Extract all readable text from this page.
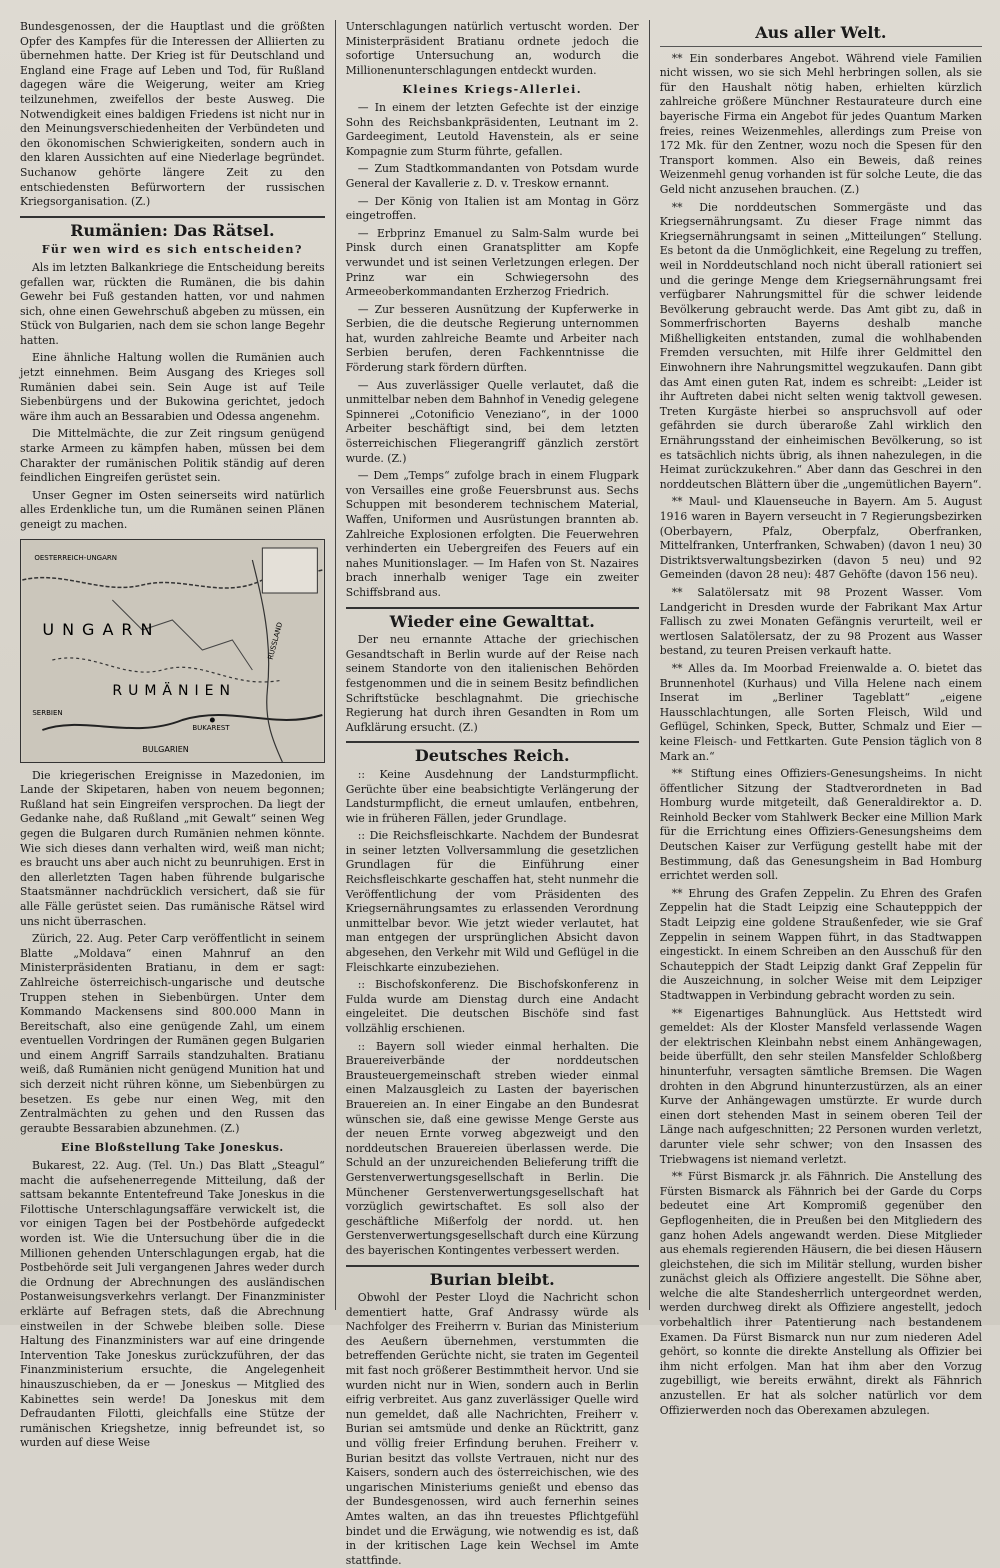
Bundesgenossen, der die Hauptlast und die größten Opfer des Kampfes für die Interessen der Alliierten zu übernehmen hatte. Der Krieg ist für Deutschland und England eine Frage auf Leben und Tod, für Rußland dagegen wäre die Weigerung, weiter am Krieg teilzunehmen, zweifellos der beste Ausweg. Die Notwendigkeit eines baldigen Friedens ist nicht nur in den Meinungsverschiedenheiten der Verbündeten und den ökonomischen Schwierigkeiten, sondern auch in den klaren Aussichten auf eine Niederlage begründet. Suchanow gehörte längere Zeit zu den entschiedensten Befürwortern der russischen Kriegsorganisation. (Z.)

Rumänien: Das Rätsel.
Für wen wird es sich entscheiden?

Als im letzten Balkankriege die Entscheidung bereits gefallen war, rückten die Rumänen, die bis dahin Gewehr bei Fuß gestanden hatten, vor und nahmen sich, ohne einen Gewehrschuß abgeben zu müssen, ein Stück von Bulgarien, nach dem sie schon lange Begehr hatten.

Eine ähnliche Haltung wollen die Rumänien auch jetzt einnehmen. Beim Ausgang des Krieges soll Rumänien dabei sein. Sein Auge ist auf Teile Siebenbürgens und der Bukowina gerichtet, jedoch wäre ihm auch an Bessarabien und Odessa angenehm.

Die Mittelmächte, die zur Zeit ringsum genügend starke Armeen zu kämpfen haben, müssen bei dem Charakter der rumänischen Politik ständig auf deren feindlichen Eingreifen gerüstet sein.

Unser Gegner im Osten seinerseits wird natürlich alles Erdenkliche tun, um die Rumänen seinen Plänen geneigt zu machen.

OESTERREICH-UNGARN
UNGARN
RUMÄNIEN
BUKAREST
SERBIEN
BULGARIEN
RUSSLAND

Die kriegerischen Ereignisse in Mazedonien, im Lande der Skipetaren, haben von neuem begonnen; Rußland hat sein Eingreifen versprochen. Da liegt der Gedanke nahe, daß Rußland „mit Gewalt“ seinen Weg gegen die Bulgaren durch Rumänien nehmen könnte. Wie sich dieses dann verhalten wird, weiß man nicht; es braucht uns aber auch nicht zu beunruhigen. Erst in den allerletzten Tagen haben führende bulgarische Staatsmänner nachdrücklich versichert, daß sie für alle Fälle gerüstet seien. Das rumänische Rätsel wird uns nicht überraschen.

Zürich, 22. Aug. Peter Carp veröffentlicht in seinem Blatte „Moldava“ einen Mahnruf an den Ministerpräsidenten Bratianu, in dem er sagt: Zahlreiche österreichisch-ungarische und deutsche Truppen stehen in Siebenbürgen. Unter dem Kommando Mackensens sind 800.000 Mann in Bereitschaft, also eine genügende Zahl, um einem eventuellen Vordringen der Rumänen gegen Bulgarien und einem Angriff Sarrails standzuhalten. Bratianu weiß, daß Rumänien nicht genügend Munition hat und sich derzeit nicht rühren könne, um Siebenbürgen zu besetzen. Es gebe nur einen Weg, mit den Zentralmächten zu gehen und den Russen das geraubte Bessarabien abzunehmen. (Z.)

Eine Bloßstellung Take Joneskus.

Bukarest, 22. Aug. (Tel. Un.) Das Blatt „Steagul“ macht die aufsehenerregende Mitteilung, daß der sattsam bekannte Ententefreund Take Joneskus in die Filottische Unterschlagungsaffäre verwickelt ist, die vor einigen Tagen bei der Postbehörde aufgedeckt worden ist. Wie die Untersuchung über die in die Millionen gehenden Unterschlagungen ergab, hat die Postbehörde seit Juli vergangenen Jahres weder durch die Ordnung der Abrechnungen des ausländischen Postanweisungsverkehrs verlangt. Der Finanzminister erklärte auf Befragen stets, daß die Abrechnung einstweilen in der Schwebe bleiben solle. Diese Haltung des Finanzministers war auf eine dringende Intervention Take Joneskus zurückzuführen, der das Finanzministerium ersuchte, die Angelegenheit hinauszuschieben, da er — Joneskus — Mitglied des Kabinettes sein werde! Da Joneskus mit dem Defraudanten Filotti, gleichfalls eine Stütze der rumänischen Kriegshetze, innig befreundet ist, so wurden auf diese Weise

Unterschlagungen natürlich vertuscht worden. Der Ministerpräsident Bratianu ordnete jedoch die sofortige Untersuchung an, wodurch die Millionenunterschlagungen entdeckt wurden.

Kleines Kriegs-Allerlei.

— In einem der letzten Gefechte ist der einzige Sohn des Reichsbankpräsidenten, Leutnant im 2. Gardeegiment, Leutold Havenstein, als er seine Kompagnie zum Sturm führte, gefallen.

— Zum Stadtkommandanten von Potsdam wurde General der Kavallerie z. D. v. Treskow ernannt.

— Der König von Italien ist am Montag in Görz eingetroffen.

— Erbprinz Emanuel zu Salm-Salm wurde bei Pinsk durch einen Granatsplitter am Kopfe verwundet und ist seinen Verletzungen erlegen. Der Prinz war ein Schwiegersohn des Armeeoberkommandanten Erzherzog Friedrich.

— Zur besseren Ausnützung der Kupferwerke in Serbien, die die deutsche Regierung unternommen hat, wurden zahlreiche Beamte und Arbeiter nach Serbien berufen, deren Fachkenntnisse die Förderung stark fördern dürften.

— Aus zuverlässiger Quelle verlautet, daß die unmittelbar neben dem Bahnhof in Venedig gelegene Spinnerei „Cotonificio Veneziano“, in der 1000 Arbeiter beschäftigt sind, bei dem letzten österreichischen Fliegerangriff gänzlich zerstört wurde. (Z.)

— Dem „Temps“ zufolge brach in einem Flugpark von Versailles eine große Feuersbrunst aus. Sechs Schuppen mit besonderem technischem Material, Waffen, Uniformen und Ausrüstungen brannten ab. Zahlreiche Explosionen erfolgten. Die Feuerwehren verhinderten ein Uebergreifen des Feuers auf ein nahes Munitionslager. — Im Hafen von St. Nazaires brach innerhalb weniger Tage ein zweiter Schiffsbrand aus.

Wieder eine Gewalttat.

Der neu ernannte Attache der griechischen Gesandtschaft in Berlin wurde auf der Reise nach seinem Standorte von den italienischen Behörden festgenommen und die in seinem Besitz befindlichen Schriftstücke beschlagnahmt. Die griechische Regierung hat durch ihren Gesandten in Rom um Aufklärung ersucht. (Z.)

Deutsches Reich.

:: Keine Ausdehnung der Landsturmpflicht. Gerüchte über eine beabsichtigte Verlängerung der Landsturmpflicht, die erneut umlaufen, entbehren, wie in früheren Fällen, jeder Grundlage.

:: Die Reichsfleischkarte. Nachdem der Bundesrat in seiner letzten Vollversammlung die gesetzlichen Grundlagen für die Einführung einer Reichsfleischkarte geschaffen hat, steht nunmehr die Veröffentlichung der vom Präsidenten des Kriegsernährungsamtes zu erlassenden Verordnung unmittelbar bevor. Wie jetzt wieder verlautet, hat man entgegen der ursprünglichen Absicht davon abgesehen, den Verkehr mit Wild und Geflügel in die Fleischkarte einzubeziehen.

:: Bischofskonferenz. Die Bischofskonferenz in Fulda wurde am Dienstag durch eine Andacht eingeleitet. Die deutschen Bischöfe sind fast vollzählig erschienen.

:: Bayern soll wieder einmal herhalten. Die Brauereiverbände der norddeutschen Brausteuergemeinschaft streben wieder einmal einen Malzausgleich zu Lasten der bayerischen Brauereien an. In einer Eingabe an den Bundesrat wünschen sie, daß eine gewisse Menge Gerste aus der neuen Ernte vorweg abgezweigt und den norddeutschen Brauereien überlassen werde. Die Schuld an der unzureichenden Belieferung trifft die Gerstenverwertungsgesellschaft in Berlin. Die Münchener Gerstenverwertungsgesellschaft hat vorzüglich gewirtschaftet. Es soll also der geschäftliche Mißerfolg der nordd. ut. hen Gerstenverwertungsgesellschaft durch eine Kürzung des bayerischen Kontingentes verbessert werden.

Burian bleibt.

Obwohl der Pester Lloyd die Nachricht schon dementiert hatte, Graf Andrassy würde als Nachfolger des Freiherrn v. Burian das Ministerium des Aeußern übernehmen, verstummten die betreffenden Gerüchte nicht, sie traten im Gegenteil mit fast noch größerer Bestimmtheit hervor. Und sie wurden nicht nur in Wien, sondern auch in Berlin eifrig verbreitet. Aus ganz zuverlässiger Quelle wird nun gemeldet, daß alle Nachrichten, Freiherr v. Burian sei amtsmüde und denke an Rücktritt, ganz und völlig freier Erfindung beruhen. Freiherr v. Burian besitzt das vollste Vertrauen, nicht nur des Kaisers, sondern auch des österreichischen, wie des ungarischen Ministeriums genießt und ebenso das der Bundesgenossen, wird auch fernerhin seines Amtes walten, an das ihn treuestes Pflichtgefühl bindet und die Erwägung, wie notwendig es ist, daß in der kritischen Lage kein Wechsel im Amte stattfinde.

Aus aller Welt.

** Ein sonderbares Angebot. Während viele Familien nicht wissen, wo sie sich Mehl herbringen sollen, als sie für den Haushalt nötig haben, erhielten kürzlich zahlreiche größere Münchner Restaurateure durch eine bayerische Firma ein Angebot für jedes Quantum Marken freies, reines Weizenmehles, allerdings zum Preise von 172 Mk. für den Zentner, wozu noch die Spesen für den Transport kommen. Also ein Beweis, daß reines Weizenmehl genug vorhanden ist für solche Leute, die das Geld nicht anzusehen brauchen. (Z.)

** Die norddeutschen Sommergäste und das Kriegsernährungsamt. Zu dieser Frage nimmt das Kriegsernährungsamt in seinen „Mitteilungen“ Stellung. Es betont da die Unmöglichkeit, eine Regelung zu treffen, weil in Norddeutschland noch nicht überall rationiert sei und die geringe Menge dem Kriegsernährungsamt frei verfügbarer Nahrungsmittel für die schwer leidende Bevölkerung gebraucht werde. Das Amt gibt zu, daß in Sommerfrischorten Bayerns deshalb manche Mißhelligkeiten entstanden, zumal die wohlhabenden Fremden versuchten, mit Hilfe ihrer Geldmittel den Einwohnern ihre Nahrungsmittel wegzukaufen. Dann gibt das Amt einen guten Rat, indem es schreibt: „Leider ist ihr Auftreten dabei nicht selten wenig taktvoll gewesen. Treten Kurgäste hierbei so anspruchsvoll auf oder gefährden sie durch überaroße Zahl wirklich den Ernährungsstand der einheimischen Bevölkerung, so ist es tatsächlich nichts übrig, als ihnen nahezulegen, in die Heimat zurückzukehren.“ Aber dann das Geschrei in den norddeutschen Blättern über die „ungemütlichen Bayern“.

** Maul- und Klauenseuche in Bayern. Am 5. August 1916 waren in Bayern verseucht in 7 Regierungsbezirken (Oberbayern, Pfalz, Oberpfalz, Oberfranken, Mittelfranken, Unterfranken, Schwaben) (davon 1 neu) 30 Distriktsverwaltungsbezirken (davon 5 neu) und 92 Gemeinden (davon 28 neu): 487 Gehöfte (davon 156 neu).

** Salatölersatz mit 98 Prozent Wasser. Vom Landgericht in Dresden wurde der Fabrikant Max Artur Fallisch zu zwei Monaten Gefängnis verurteilt, weil er wertlosen Salatölersatz, der zu 98 Prozent aus Wasser bestand, zu teuren Preisen verkauft hatte.

** Alles da. Im Moorbad Freienwalde a. O. bietet das Brunnenhotel (Kurhaus) und Villa Helene nach einem Inserat im „Berliner Tageblatt“ „eigene Hausschlachtungen, alle Sorten Fleisch, Wild und Geflügel, Schinken, Speck, Butter, Schmalz und Eier — keine Fleisch- und Fettkarten. Gute Pension täglich von 8 Mark an.“

** Stiftung eines Offiziers-Genesungsheims. In nicht öffentlicher Sitzung der Stadtverordneten in Bad Homburg wurde mitgeteilt, daß Generaldirektor a. D. Reinhold Becker vom Stahlwerk Becker eine Million Mark für die Errichtung eines Offiziers-Genesungsheims dem Deutschen Kaiser zur Verfügung gestellt habe mit der Bestimmung, daß das Genesungsheim in Bad Homburg errichtet werden soll.

** Ehrung des Grafen Zeppelin. Zu Ehren des Grafen Zeppelin hat die Stadt Leipzig eine Schautepppich der Stadt Leipzig eine goldene Straußenfeder, wie sie Graf Zeppelin in seinem Wappen führt, in das Stadtwappen eingestickt. In einem Schreiben an den Ausschuß für den Schauteppich der Stadt Leipzig dankt Graf Zeppelin für die Auszeichnung, in solcher Weise mit dem Leipziger Stadtwappen in Verbindung gebracht worden zu sein.

** Eigenartiges Bahnunglück. Aus Hettstedt wird gemeldet: Als der Kloster Mansfeld verlassende Wagen der elektrischen Kleinbahn nebst einem Anhängewagen, beide überfüllt, den sehr steilen Mansfelder Schloßberg hinunterfuhr, versagten sämtliche Bremsen. Die Wagen drohten in den Abgrund hinunterzustürzen, als an einer Kurve der Anhängewagen umstürzte. Er wurde durch einen dort stehenden Mast in seinem oberen Teil der Länge nach aufgeschnitten; 22 Personen wurden verletzt, darunter viele sehr schwer; von den Insassen des Triebwagens ist niemand verletzt.

** Fürst Bismarck jr. als Fähnrich. Die Anstellung des Fürsten Bismarck als Fähnrich bei der Garde du Corps bedeutet eine Art Kompromiß gegenüber den Gepflogenheiten, die in Preußen bei den Mitgliedern des ganz hohen Adels angewandt werden. Diese Mitglieder aus ehemals regierenden Häusern, die bei diesen Häusern gleichstehen, die sich im Militär stellung, wurden bisher zunächst gleich als Offiziere angestellt. Die Söhne aber, welche die alte Standesherrlich untergeordnet werden, werden durchweg direkt als Offiziere angestellt, jedoch vorbehaltlich ihrer Patentierung nach bestandenem Examen. Da Fürst Bismarck nun nur zum niederen Adel gehört, so konnte die direkte Anstellung als Offizier bei ihm nicht erfolgen. Man hat ihm aber den Vorzug zugebilligt, wie bereits erwähnt, direkt als Fähnrich anzustellen. Er hat als solcher natürlich vor dem Offizierwerden noch das Oberexamen abzulegen.
